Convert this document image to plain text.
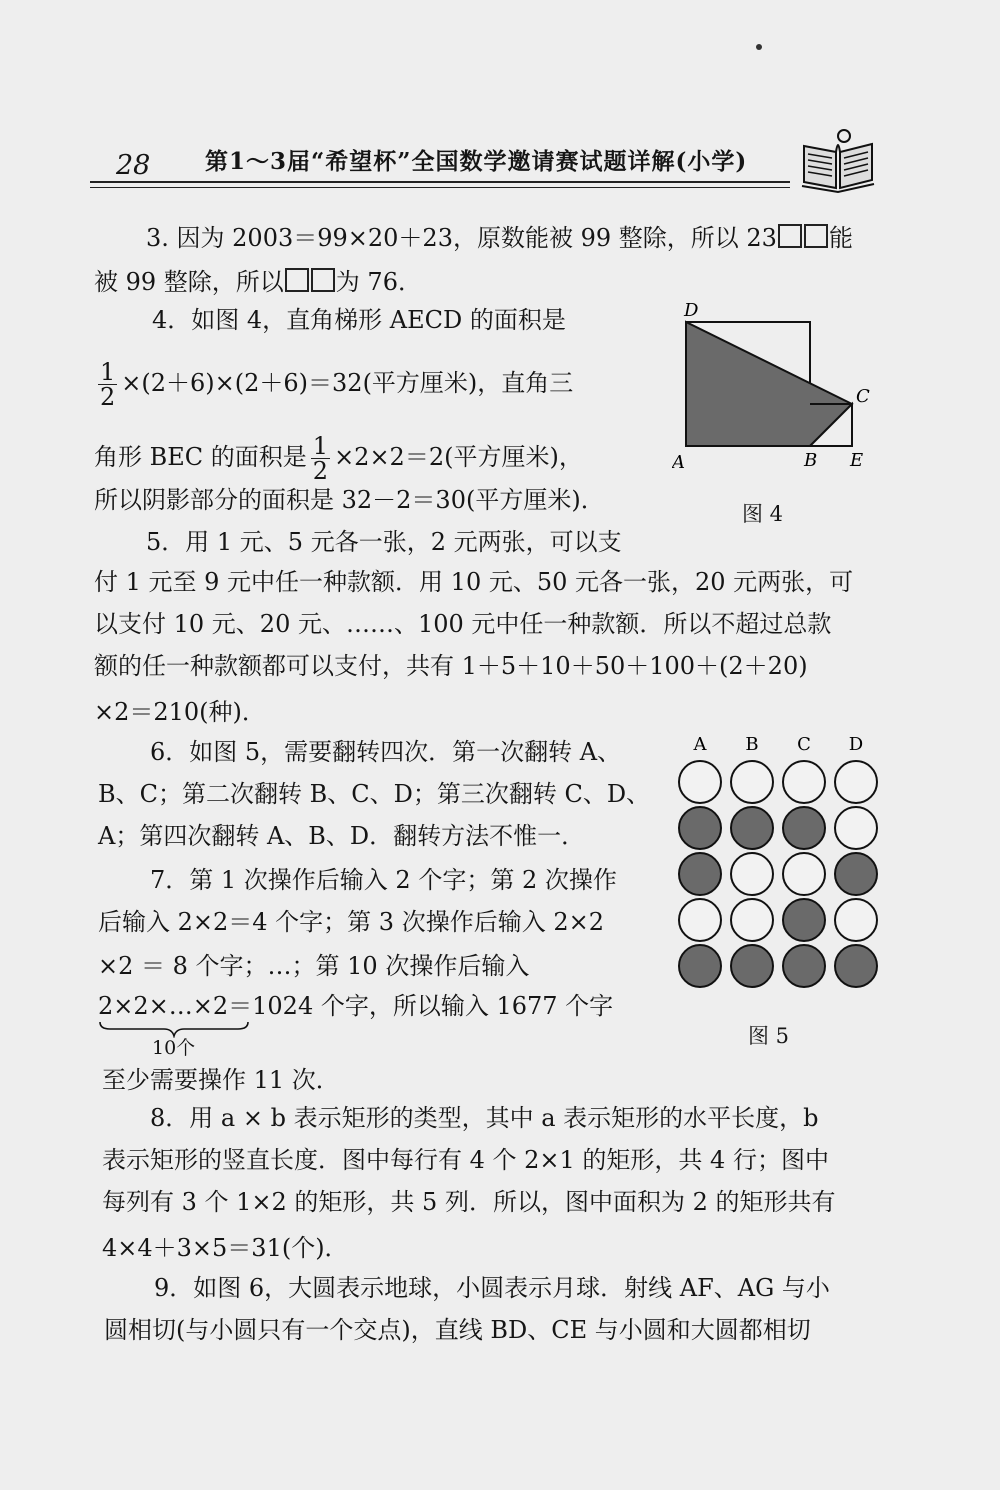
28 第1～3届“希望杯”全国数学邀请赛试题详解(小学)
3. 因为 2003＝99×20＋23，原数能被 99 整除，所以 23 能
被 99 整除，所以 为 76．
4．如图 4，直角梯形 AECD 的面积是
$\frac{1}{2} \times(2+6)\times(2+6)=32$(平方厘米)，直角三
角形 BEC 的面积是 $\frac{1}{2} \times 2\times 2=2$(平方厘米)，
所以阴影部分的面积是 32－2＝30(平方厘米)．
D
C
A	B E
图 4
5．用 1 元、5 元各一张，2 元两张，可以支
付 1 元至 9 元中任一种款额．用 10 元、50 元各一张，20 元两张，可
以支付 10 元、20 元、……、100 元中任一种款额．所以不超过总款
额的任一种款额都可以支付，共有 1＋5＋10＋50＋100＋(2＋20)
×2＝210(种)．
6．如图 5，需要翻转四次．第一次翻转 A、
B、C；第二次翻转 B、C、D；第三次翻转 C、D、
A；第四次翻转 A、B、D．翻转方法不惟一．
A B C D
图 5
7．第 1 次操作后输入 2 个字；第 2 次操作
后输入 2×2＝4 个字；第 3 次操作后输入 2×2
×2 ＝ 8 个字；…；第 10 次操作后输入
2×2×…×2＝1024 个字，所以输入 1677 个字
10个
至少需要操作 11 次．
8．用 a × b 表示矩形的类型，其中 a 表示矩形的水平长度，b
表示矩形的竖直长度．图中每行有 4 个 2×1 的矩形，共 4 行；图中
每列有 3 个 1×2 的矩形，共 5 列．所以，图中面积为 2 的矩形共有
4×4＋3×5＝31(个)．
9．如图 6，大圆表示地球，小圆表示月球．射线 AF、AG 与小
圆相切(与小圆只有一个交点)，直线 BD、CE 与小圆和大圆都相切
